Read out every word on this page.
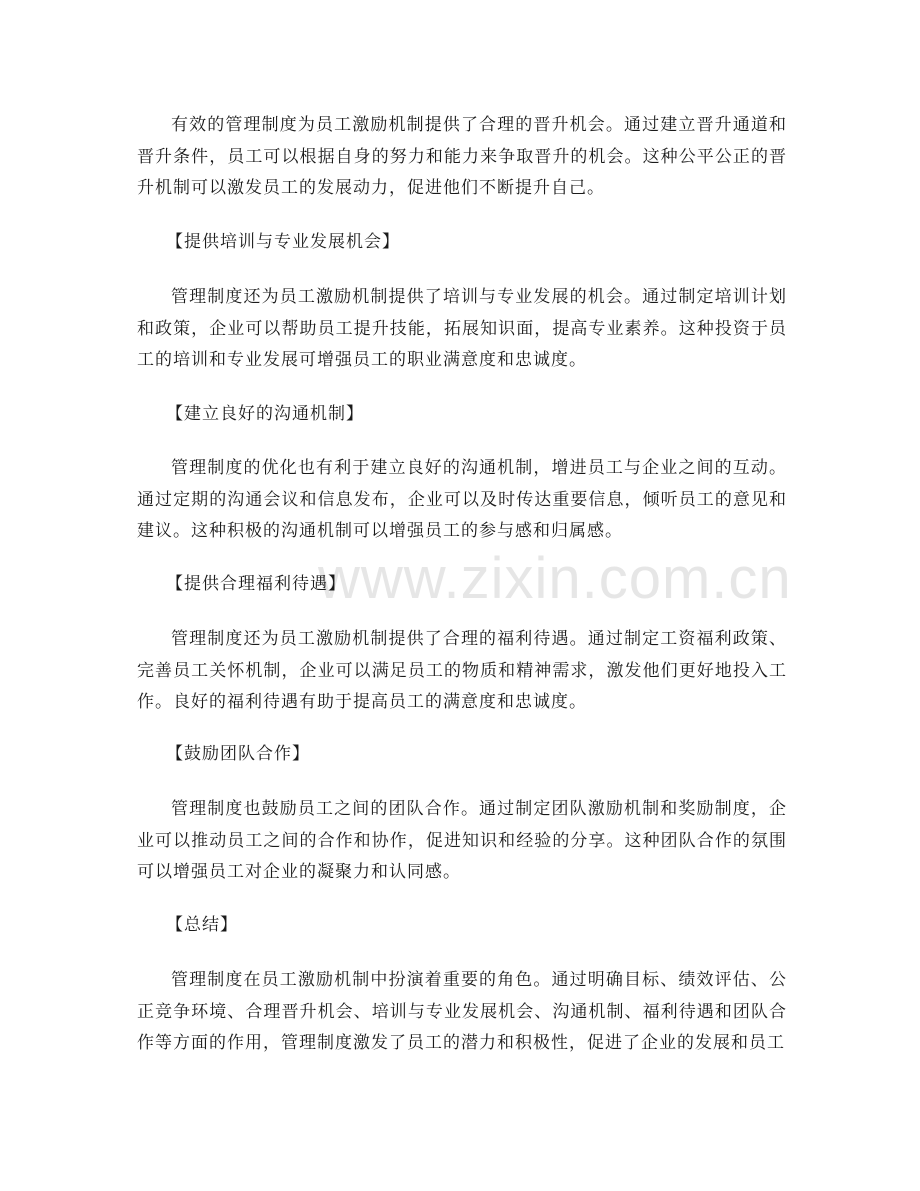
www.zixin.com.cn

有效的管理制度为员工激励机制提供了合理的晋升机会。通过建立晋升通道和晋升条件，员工可以根据自身的努力和能力来争取晋升的机会。这种公平公正的晋升机制可以激发员工的发展动力，促进他们不断提升自己。

【提供培训与专业发展机会】

管理制度还为员工激励机制提供了培训与专业发展的机会。通过制定培训计划和政策，企业可以帮助员工提升技能，拓展知识面，提高专业素养。这种投资于员工的培训和专业发展可增强员工的职业满意度和忠诚度。

【建立良好的沟通机制】

管理制度的优化也有利于建立良好的沟通机制，增进员工与企业之间的互动。通过定期的沟通会议和信息发布，企业可以及时传达重要信息，倾听员工的意见和建议。这种积极的沟通机制可以增强员工的参与感和归属感。

【提供合理福利待遇】

管理制度还为员工激励机制提供了合理的福利待遇。通过制定工资福利政策、完善员工关怀机制，企业可以满足员工的物质和精神需求，激发他们更好地投入工作。良好的福利待遇有助于提高员工的满意度和忠诚度。

【鼓励团队合作】

管理制度也鼓励员工之间的团队合作。通过制定团队激励机制和奖励制度，企业可以推动员工之间的合作和协作，促进知识和经验的分享。这种团队合作的氛围可以增强员工对企业的凝聚力和认同感。

【总结】

管理制度在员工激励机制中扮演着重要的角色。通过明确目标、绩效评估、公正竞争环境、合理晋升机会、培训与专业发展机会、沟通机制、福利待遇和团队合作等方面的作用，管理制度激发了员工的潜力和积极性，促进了企业的发展和员工
